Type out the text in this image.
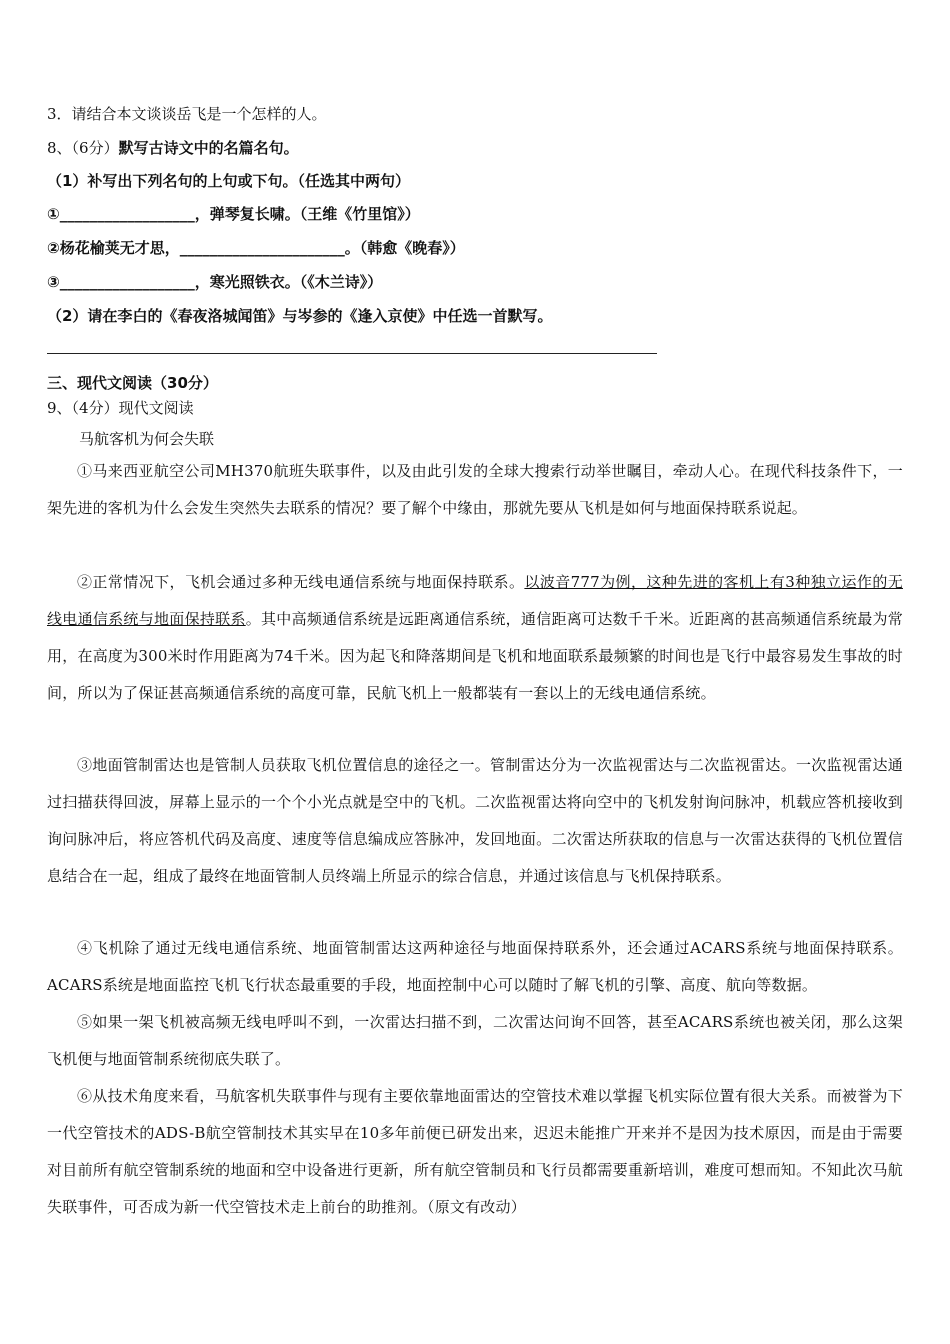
3．请结合本文谈谈岳飞是一个怎样的人。
8、（6分）默写古诗文中的名篇名句。
（1）补写出下列名句的上句或下句。（任选其中两句）
①__________________，弹琴复长啸。（王维《竹里馆》）
②杨花榆荚无才思，______________________。（韩愈《晚春》）
③__________________，寒光照铁衣。（《木兰诗》）
（2）请在李白的《春夜洛城闻笛》与岑参的《逢入京使》中任选一首默写。
三、现代文阅读（30分）
9、（4分）现代文阅读
马航客机为何会失联
①马来西亚航空公司MH370航班失联事件，以及由此引发的全球大搜索行动举世瞩目，牵动人心。在现代科技条件下，一架先进的客机为什么会发生突然失去联系的情况？要了解个中缘由，那就先要从飞机是如何与地面保持联系说起。
②正常情况下，飞机会通过多种无线电通信系统与地面保持联系。以波音777为例，这种先进的客机上有3种独立运作的无线电通信系统与地面保持联系。其中高频通信系统是远距离通信系统，通信距离可达数千千米。近距离的甚高频通信系统最为常用，在高度为300米时作用距离为74千米。因为起飞和降落期间是飞机和地面联系最频繁的时间也是飞行中最容易发生事故的时间，所以为了保证甚高频通信系统的高度可靠，民航飞机上一般都装有一套以上的无线电通信系统。
③地面管制雷达也是管制人员获取飞机位置信息的途径之一。管制雷达分为一次监视雷达与二次监视雷达。一次监视雷达通过扫描获得回波，屏幕上显示的一个个小光点就是空中的飞机。二次监视雷达将向空中的飞机发射询问脉冲，机载应答机接收到询问脉冲后，将应答机代码及高度、速度等信息编成应答脉冲，发回地面。二次雷达所获取的信息与一次雷达获得的飞机位置信息结合在一起，组成了最终在地面管制人员终端上所显示的综合信息，并通过该信息与飞机保持联系。
④飞机除了通过无线电通信系统、地面管制雷达这两种途径与地面保持联系外，还会通过ACARS系统与地面保持联系。ACARS系统是地面监控飞机飞行状态最重要的手段，地面控制中心可以随时了解飞机的引擎、高度、航向等数据。
⑤如果一架飞机被高频无线电呼叫不到，一次雷达扫描不到，二次雷达问询不回答，甚至ACARS系统也被关闭，那么这架飞机便与地面管制系统彻底失联了。
⑥从技术角度来看，马航客机失联事件与现有主要依靠地面雷达的空管技术难以掌握飞机实际位置有很大关系。而被誉为下一代空管技术的ADS-B航空管制技术其实早在10多年前便已研发出来，迟迟未能推广开来并不是因为技术原因，而是由于需要对目前所有航空管制系统的地面和空中设备进行更新，所有航空管制员和飞行员都需要重新培训，难度可想而知。不知此次马航失联事件，可否成为新一代空管技术走上前台的助推剂。（原文有改动）
